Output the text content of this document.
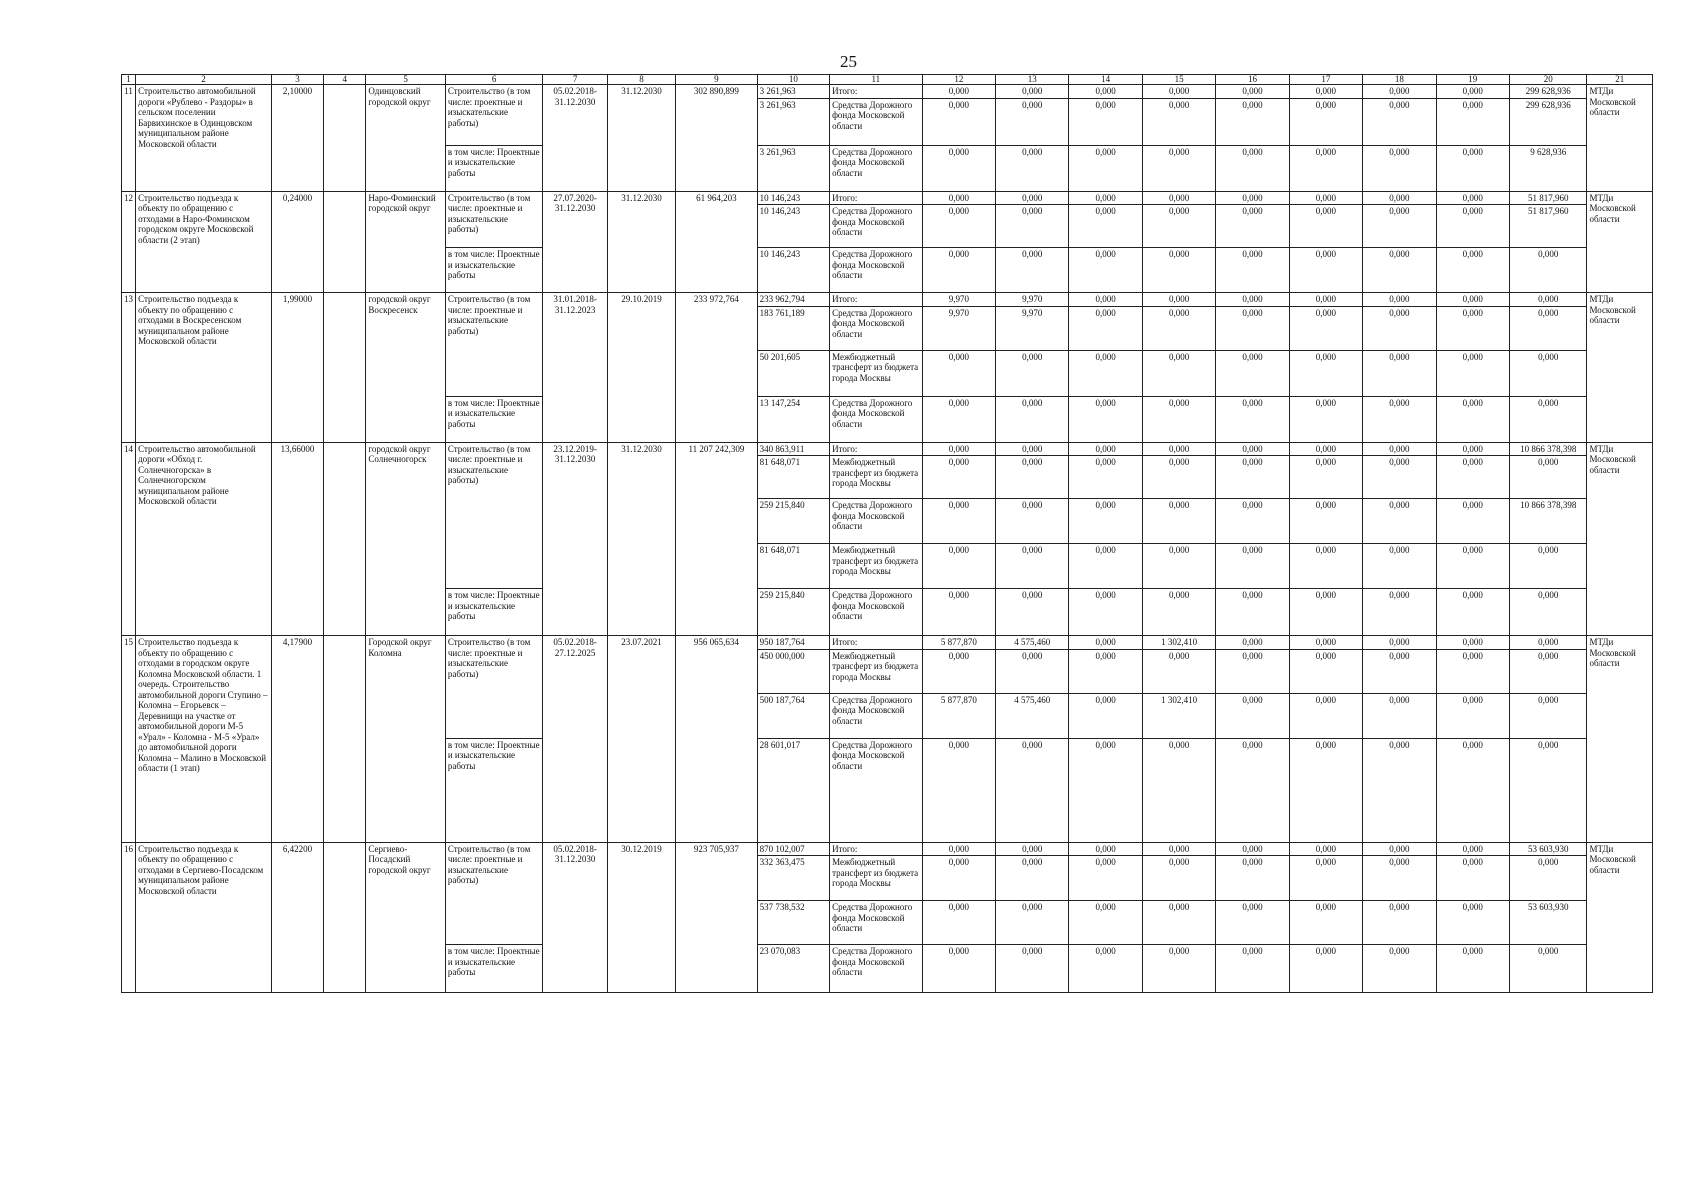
25
1	2	3	4	5	6	7	8	9	10	11	12	13	14	15	16	17	18	19	20	21
11	Строительство автомобильной дороги «Рублево - Раздоры» в сельском поселении Барвихинское в Одинцовском муниципальном районе Московской области	2,10000		Одинцовский городской округ	Строительство (в том числе: проектные и изыскательские работы)	05.02.2018-31.12.2030	31.12.2030	302 890,899	3 261,963	Итого:	0,000	0,000	0,000	0,000	0,000	0,000	0,000	0,000	299 628,936	МТДи Московской области
									3 261,963	Средства Дорожного фонда Московской области	0,000	0,000	0,000	0,000	0,000	0,000	0,000	0,000	299 628,936	
					в том числе: Проектные и изыскательские работы				3 261,963	Средства Дорожного фонда Московской области	0,000	0,000	0,000	0,000	0,000	0,000	0,000	0,000	9 628,936	
12	Строительство подъезда к объекту по обращению с отходами в Наро-Фоминском городском округе Московской области (2 этап)	0,24000		Наро-Фоминский городской округ	Строительство (в том числе: проектные и изыскательские работы)	27.07.2020-31.12.2030	31.12.2030	61 964,203	10 146,243	Итого:	0,000	0,000	0,000	0,000	0,000	0,000	0,000	0,000	51 817,960	МТДи Московской области
									10 146,243	Средства Дорожного фонда Московской области	0,000	0,000	0,000	0,000	0,000	0,000	0,000	0,000	51 817,960	
					в том числе: Проектные и изыскательские работы				10 146,243	Средства Дорожного фонда Московской области	0,000	0,000	0,000	0,000	0,000	0,000	0,000	0,000	0,000	
13	Строительство подъезда к объекту по обращению с отходами в Воскресенском муниципальном районе Московской области	1,99000		городской округ Воскресенск	Строительство (в том числе: проектные и изыскательские работы)	31.01.2018-31.12.2023	29.10.2019	233 972,764	233 962,794	Итого:	9,970	9,970	0,000	0,000	0,000	0,000	0,000	0,000	0,000	МТДи Московской области
									183 761,189	Средства Дорожного фонда Московской области	9,970	9,970	0,000	0,000	0,000	0,000	0,000	0,000	0,000	
									50 201,605	Межбюджетный трансферт из бюджета города Москвы	0,000	0,000	0,000	0,000	0,000	0,000	0,000	0,000	0,000	
					в том числе: Проектные и изыскательские работы				13 147,254	Средства Дорожного фонда Московской области	0,000	0,000	0,000	0,000	0,000	0,000	0,000	0,000	0,000	
14	Строительство автомобильной дороги «Обход г. Солнечногорска» в Солнечногорском муниципальном районе Московской области	13,66000		городской округ Солнечногорск	Строительство (в том числе: проектные и изыскательские работы)	23.12.2019-31.12.2030	31.12.2030	11 207 242,309	340 863,911	Итого:	0,000	0,000	0,000	0,000	0,000	0,000	0,000	0,000	10 866 378,398	МТДи Московской области
									81 648,071	Межбюджетный трансферт из бюджета города Москвы	0,000	0,000	0,000	0,000	0,000	0,000	0,000	0,000	0,000	
									259 215,840	Средства Дорожного фонда Московской области	0,000	0,000	0,000	0,000	0,000	0,000	0,000	0,000	10 866 378,398	
									81 648,071	Межбюджетный трансферт из бюджета города Москвы	0,000	0,000	0,000	0,000	0,000	0,000	0,000	0,000	0,000	
					в том числе: Проектные и изыскательские работы				259 215,840	Средства Дорожного фонда Московской области	0,000	0,000	0,000	0,000	0,000	0,000	0,000	0,000	0,000	
15	Строительство подъезда к объекту по обращению с отходами в городском округе Коломна Московской области. 1 очередь. Строительство автомобильной дороги Ступино – Коломна – Егорьевск – Деревнищи на участке от автомобильной дороги М-5 «Урал» - Коломна - М-5 «Урал» до автомобильной дороги Коломна – Малино в Московской области (1 этап)	4,17900		Городской округ Коломна	Строительство (в том числе: проектные и изыскательские работы)	05.02.2018-27.12.2025	23.07.2021	956 065,634	950 187,764	Итого:	5 877,870	4 575,460	0,000	1 302,410	0,000	0,000	0,000	0,000	0,000	МТДи Московской области
									450 000,000	Межбюджетный трансферт из бюджета города Москвы	0,000	0,000	0,000	0,000	0,000	0,000	0,000	0,000	0,000	
									500 187,764	Средства Дорожного фонда Московской области	5 877,870	4 575,460	0,000	1 302,410	0,000	0,000	0,000	0,000	0,000	
					в том числе: Проектные и изыскательские работы				28 601,017	Средства Дорожного фонда Московской области	0,000	0,000	0,000	0,000	0,000	0,000	0,000	0,000	0,000	
16	Строительство подъезда к объекту по обращению с отходами в Сергиево-Посадском муниципальном районе Московской области	6,42200		Сергиево-Посадский городской округ	Строительство (в том числе: проектные и изыскательские работы)	05.02.2018-31.12.2030	30.12.2019	923 705,937	870 102,007	Итого:	0,000	0,000	0,000	0,000	0,000	0,000	0,000	0,000	53 603,930	МТДи Московской области
									332 363,475	Межбюджетный трансферт из бюджета города Москвы	0,000	0,000	0,000	0,000	0,000	0,000	0,000	0,000	0,000	
									537 738,532	Средства Дорожного фонда Московской области	0,000	0,000	0,000	0,000	0,000	0,000	0,000	0,000	53 603,930	
					в том числе: Проектные и изыскательские работы				23 070,083	Средства Дорожного фонда Московской области	0,000	0,000	0,000	0,000	0,000	0,000	0,000	0,000	0,000	
